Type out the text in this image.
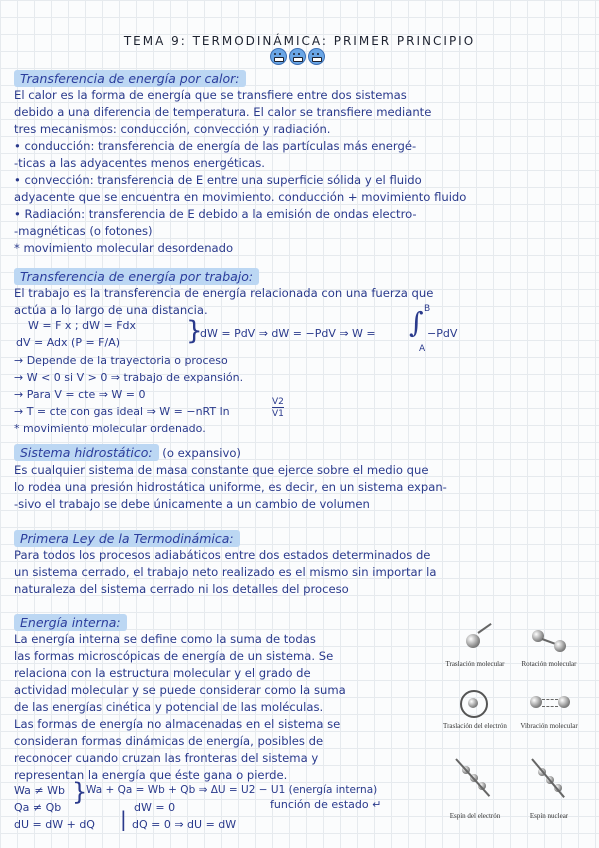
TEMA 9: TERMODINÁMICA: PRIMER PRINCIPIO
Transferencia de energía por calor:
El calor es la forma de energía que se transfiere entre dos sistemas
debido a una diferencia de temperatura. El calor se transfiere mediante
tres mecanismos: conducción, convección y radiación.
• conducción: transferencia de energía de las partículas más energé-
-ticas a las adyacentes menos energéticas.
• convección: transferencia de E entre una superficie sólida y el fluido
adyacente que se encuentra en movimiento. conducción + movimiento fluido
• Radiación: transferencia de E debido a la emisión de ondas electro-
-magnéticas (o fotones)
* movimiento molecular desordenado
Transferencia de energía por trabajo:
El trabajo es la transferencia de energía relacionada con una fuerza que
actúa a lo largo de una distancia.
W = F x ; dW = Fdx
dV = Adx (P = F/A)	}
dW = PdV ⇒ dW = −PdV ⇒ W = ∫ B
A
−PdV
→ Depende de la trayectoria o proceso
→ W < 0 si V > 0 ⇒ trabajo de expansión.
→ Para V = cte ⇒ W = 0
→ T = cte con gas ideal ⇒ W = −nRT ln
V2
V1
* movimiento molecular ordenado.
Sistema hidrostático: (o expansivo)
Es cualquier sistema de masa constante que ejerce sobre el medio que
lo rodea una presión hidrostática uniforme, es decir, en un sistema expan-
-sivo el trabajo se debe únicamente a un cambio de volumen
Primera Ley de la Termodinámica:
Para todos los procesos adiabáticos entre dos estados determinados de
un sistema cerrado, el trabajo neto realizado es el mismo sin importar la
naturaleza del sistema cerrado ni los detalles del proceso
Energía interna:
La energía interna se define como la suma de todas
las formas microscópicas de energía de un sistema. Se
relaciona con la estructura molecular y el grado de
actividad molecular y se puede considerar como la suma
de las energías cinética y potencial de las moléculas.
Las formas de energía no almacenadas en el sistema se
consideran formas dinámicas de energía, posibles de
reconocer cuando cruzan las fronteras del sistema y
representan la energía que éste gana o pierde.
Wa ≠ Wb
Qa ≠ Qb
}
Wa + Qa = Wb + Qb ⇒ ΔU = U2 − U1 (energía interna)
dW = 0	función de estado ↵
dU = dW + dQ | dQ = 0 ⇒ dU = dW
Traslación molecular	Rotación molecular
Traslación del electrón	Vibración molecular
Espín del electrón	Espín nuclear
